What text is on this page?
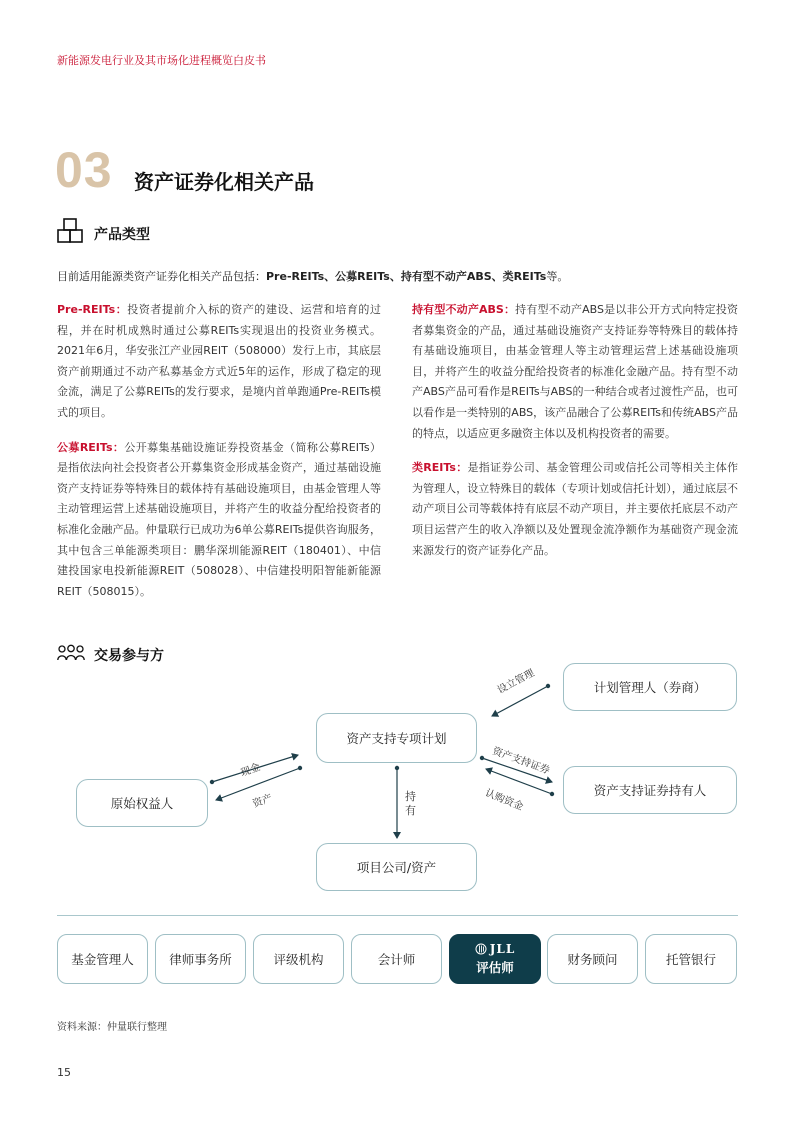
新能源发电行业及其市场化进程概览白皮书
03 资产证券化相关产品
产品类型
目前适用能源类资产证券化相关产品包括：Pre-REITs、公募REITs、持有型不动产ABS、类REITs等。

Pre-REITs：投资者提前介入标的资产的建设、运营和培育的过程，并在时机成熟时通过公募REITs实现退出的投资业务模式。2021年6月，华安张江产业园REIT（508000）发行上市，其底层资产前期通过不动产私募基金方式近5年的运作，形成了稳定的现金流，满足了公募REITs的发行要求，是境内首单跑通Pre-REITs模式的项目。

公募REITs：公开募集基础设施证券投资基金（简称公募REITs）是指依法向社会投资者公开募集资金形成基金资产，通过基础设施资产支持证券等特殊目的载体持有基础设施项目，由基金管理人等主动管理运营上述基础设施项目，并将产生的收益分配给投资者的标准化金融产品。仲量联行已成功为6单公募REITs提供咨询服务，其中包含三单能源类项目：鹏华深圳能源REIT（180401）、中信建投国家电投新能源REIT（508028）、中信建投明阳智能新能源REIT（508015）。

持有型不动产ABS：持有型不动产ABS是以非公开方式向特定投资者募集资金的产品，通过基础设施资产支持证券等特殊目的载体持有基础设施项目，由基金管理人等主动管理运营上述基础设施项目，并将产生的收益分配给投资者的标准化金融产品。持有型不动产ABS产品可看作是REITs与ABS的一种结合或者过渡性产品，也可以看作是一类特别的ABS，该产品融合了公募REITs和传统ABS产品的特点，以适应更多融资主体以及机构投资者的需要。

类REITs：是指证券公司、基金管理公司或信托公司等相关主体作为管理人，设立特殊目的载体（专项计划或信托计划），通过底层不动产项目公司等载体持有底层不动产项目，并主要依托底层不动产项目运营产生的收入净额以及处置现金流净额作为基础资产现金流来源发行的资产证券化产品。

交易参与方
资产支持专项计划
计划管理人（券商）
资产支持证券持有人
原始权益人
项目公司/资产
设立管理
资产支持证券
认购资金
现金
资产	持
有
基金管理人	律师事务所	评级机构	会计师
JLL
评估师
财务顾问	托管银行
资料来源：仲量联行整理
15
